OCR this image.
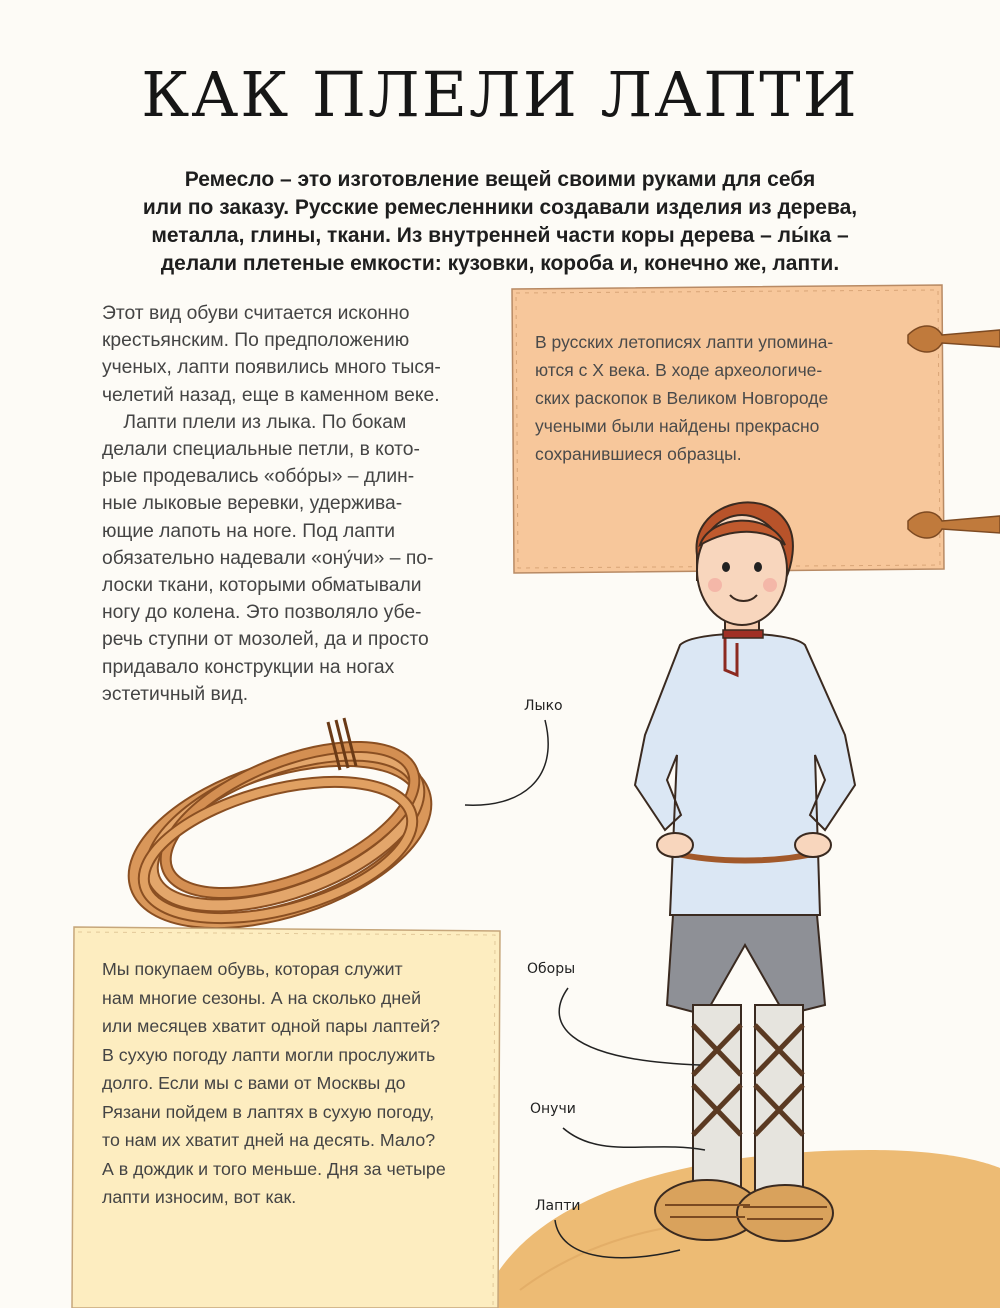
КАК ПЛЕЛИ ЛАПТИ

Ремесло – это изготовление вещей своими руками для себя
или по заказу. Русские ремесленники создавали изделия из дерева,
металла, глины, ткани. Из внутренней части коры дерева – лы́ка –
делали плетеные емкости: кузовки, короба и, конечно же, лапти.

Этот вид обуви считается исконно
крестьянским. По предположению
ученых, лапти появились много тыся-
челетий назад, еще в каменном веке.
Лапти плели из лыка. По бокам
делали специальные петли, в кото-
рые продевались «обо́ры» – длин-
ные лыковые веревки, удержива-
ющие лапоть на ноге. Под лапти
обязательно надевали «ону́чи» – по-
лоски ткани, которыми обматывали
ногу до колена. Это позволяло убе-
речь ступни от мозолей, да и просто
придавало конструкции на ногах
эстетичный вид.

В русских летописях лапти упомина-
ются с X века. В ходе археологиче-
ских раскопок в Великом Новгороде
учеными были найдены прекрасно
сохранившиеся образцы.

Мы покупаем обувь, которая служит
нам многие сезоны. А на сколько дней
или месяцев хватит одной пары лаптей?
В сухую погоду лапти могли прослужить
долго. Если мы с вами от Москвы до
Рязани пойдем в лаптях в сухую погоду,
то нам их хватит дней на десять. Мало?
А в дождик и того меньше. Дня за четыре
лапти износим, вот как.

Лыко
Оборы
Онучи
Лапти
